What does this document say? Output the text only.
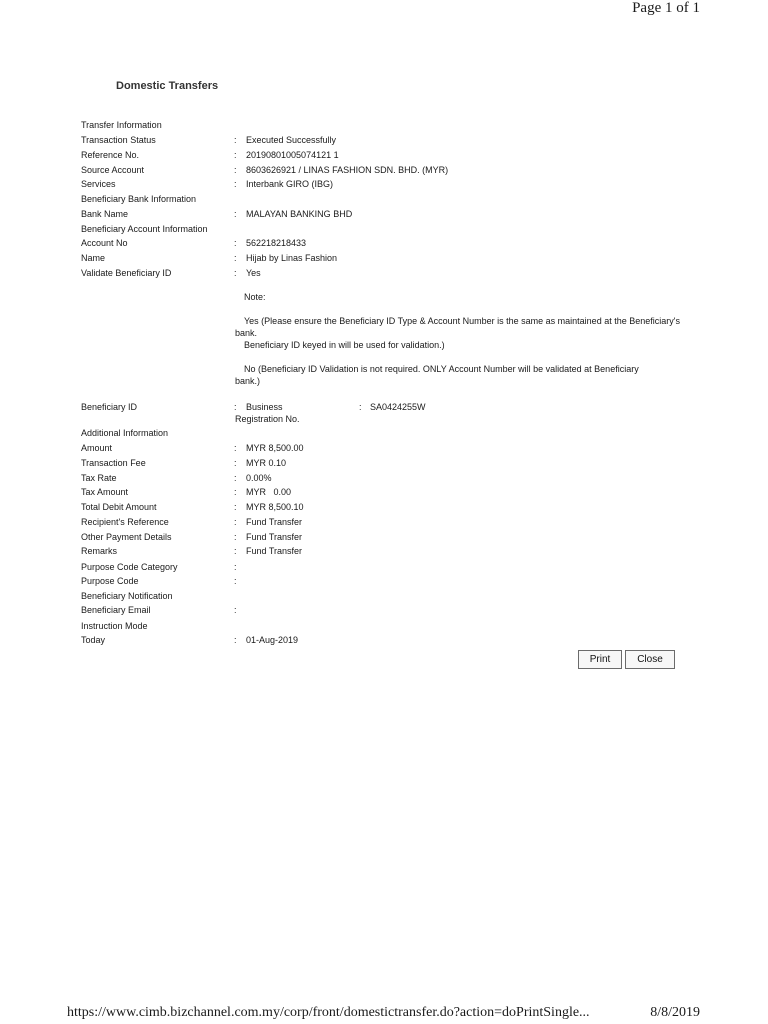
Page 1 of 1
Domestic Transfers
Transfer Information
Transaction Status	: Executed Successfully
Reference No.	: 20190801005074121 1
Source Account	: 8603626921 / LINAS FASHION SDN. BHD. (MYR)
Services	: Interbank GIRO (IBG)
Beneficiary Bank Information
Bank Name	: MALAYAN BANKING BHD
Beneficiary Account Information
Account No	: 562218218433
Name	: Hijab by Linas Fashion
Validate Beneficiary ID	: Yes

Note:

Yes (Please ensure the Beneficiary ID Type & Account Number is the same as maintained at the Beneficiary's bank.

Beneficiary ID keyed in will be used for validation.)

No (Beneficiary ID Validation is not required. ONLY Account Number will be validated at Beneficiary bank.)

Beneficiary ID	: Business
Registration No.
: SA0424255W
Additional Information
Amount	: MYR 8,500.00
Transaction Fee	: MYR 0.10
Tax Rate	: 0.00%
Tax Amount	: MYR   0.00
Total Debit Amount	: MYR 8,500.10
Recipient's Reference	: Fund Transfer
Other Payment Details	: Fund Transfer
Remarks	: Fund Transfer
Purpose Code Category	:
Purpose Code	:
Beneficiary Notification
Beneficiary Email	:
Instruction Mode
Today	: 01-Aug-2019
Print	Close
https://www.cimb.bizchannel.com.my/corp/front/domestictransfer.do?action=doPrintSingle...	8/8/2019
